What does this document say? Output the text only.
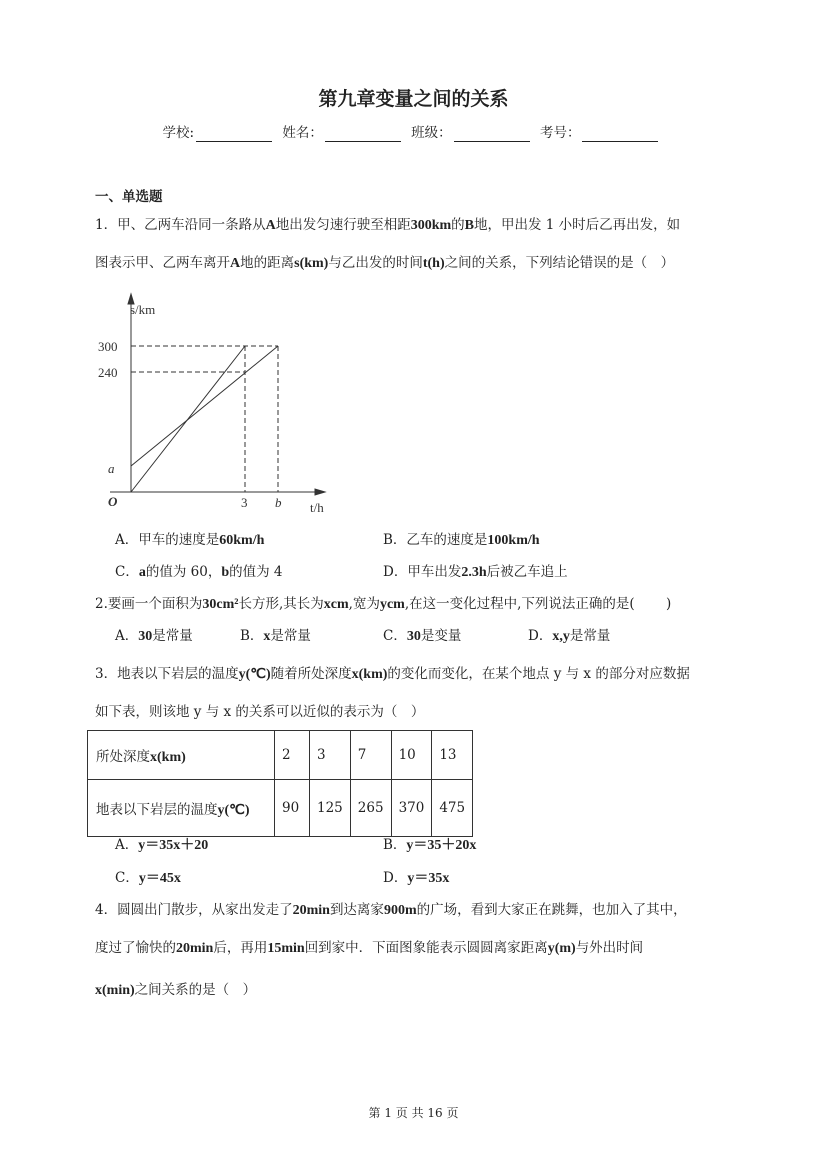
第九章变量之间的关系
学校:	姓名：	班级：	考号：
一、单选题
1．甲、乙两车沿同一条路从A地出发匀速行驶至相距300km的B地，甲出发 1 小时后乙再出发，如
图表示甲、乙两车离开A地的距离s(km)与乙出发的时间t(h)之间的关系，下列结论错误的是（　）
s/km
300
240
a
O	3 b t/h
A．甲车的速度是60km/h	B．乙车的速度是100km/h
C．a的值为 60，b的值为 4	D．甲车出发2.3h后被乙车追上
2.要画一个面积为30cm²长方形,其长为xcm,宽为ycm,在这一变化过程中,下列说法正确的是(　　 )
A．30是常量	B．x是常量	C．30是变量	D．x,y是常量
3．地表以下岩层的温度y(℃)随着所处深度x(km)的变化而变化，在某个地点 y 与 x 的部分对应数据
如下表，则该地 y 与 x 的关系可以近似的表示为（　）
所处深度x(km)	2	3	7	10	13
地表以下岩层的温度y(℃)	90	125	265	370	475
A．y＝35x＋20	B．y＝35＋20x
C．y＝45x	D．y＝35x
4．圆圆出门散步，从家出发走了20min到达离家900m的广场，看到大家正在跳舞，也加入了其中，
度过了愉快的20min后，再用15min回到家中．下面图象能表示圆圆离家距离y(m)与外出时间
x(min)之间关系的是（　）
第 1 页 共 16 页
